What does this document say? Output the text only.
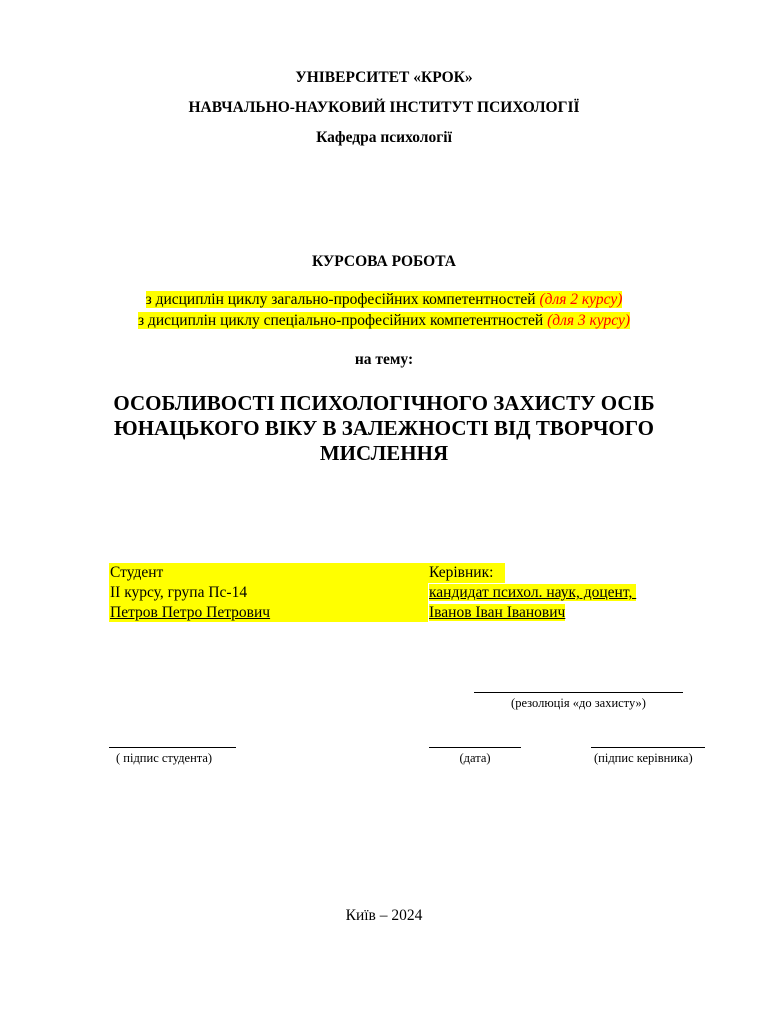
УНІВЕРСИТЕТ «КРОК»
НАВЧАЛЬНО-НАУКОВИЙ ІНСТИТУТ ПСИХОЛОГІЇ
Кафедра психології
КУРСОВА РОБОТА
з дисциплін циклу загально-професійних компетентностей (для 2 курсу)
з дисциплін циклу спеціально-професійних компетентностей (для 3 курсу)
на тему:
ОСОБЛИВОСТІ ПСИХОЛОГІЧНОГО ЗАХИСТУ ОСІБ
ЮНАЦЬКОГО ВІКУ В ЗАЛЕЖНОСТІ ВІД ТВОРЧОГО
МИСЛЕННЯ
Студент
ІІ курсу, група Пс-14
Петров Петро Петрович
Керівник:
кандидат психол. наук, доцент,
Іванов Іван Іванович
(резолюція «до захисту»)
( підпис студента)	(дата)	(підпис керівника)
Київ – 2024
